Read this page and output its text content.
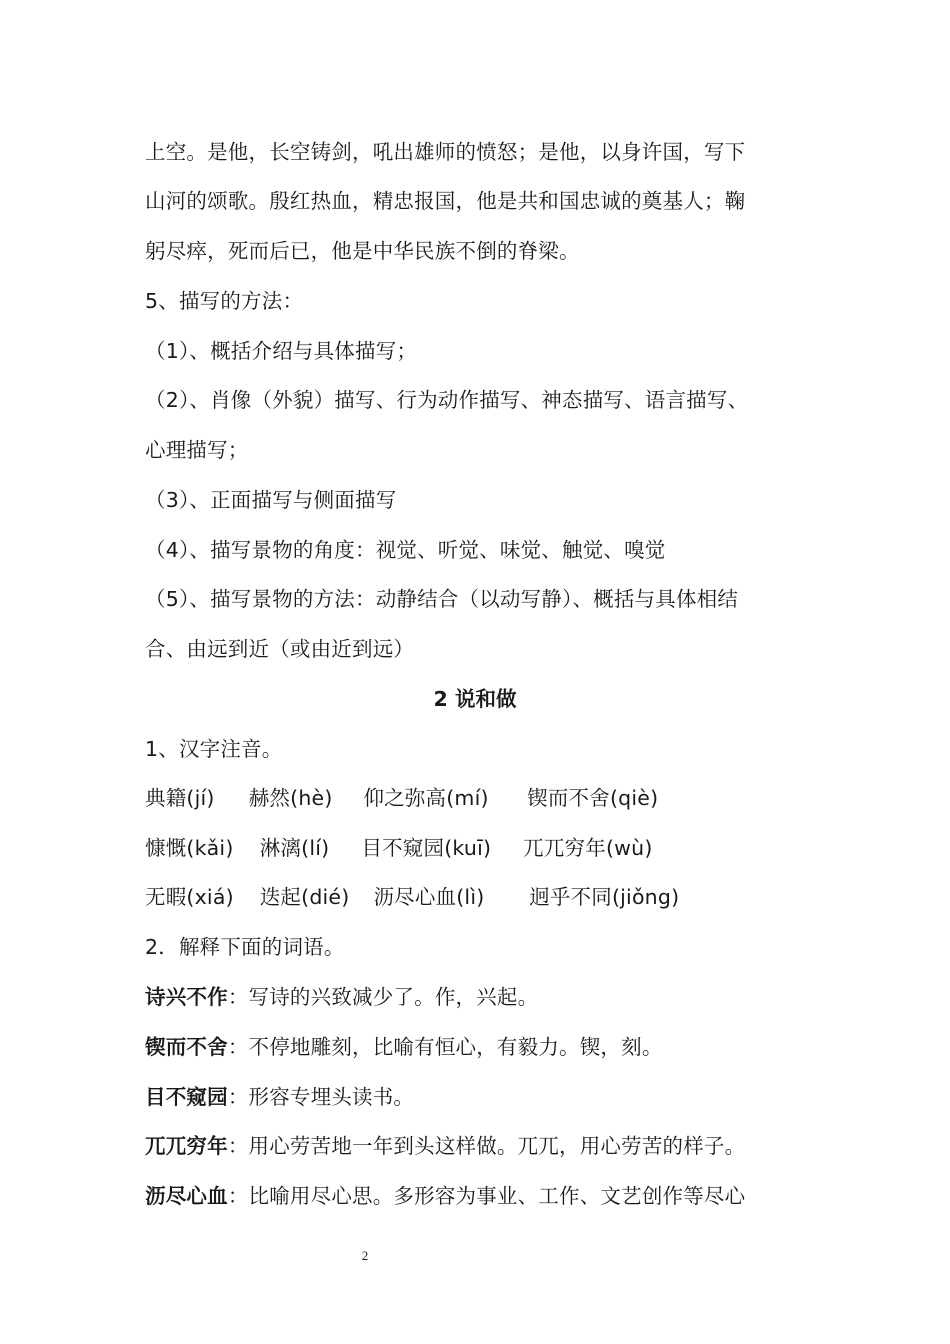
上空。是他，长空铸剑，吼出雄师的愤怒；是他，以身许国，写下
山河的颂歌。殷红热血，精忠报国，他是共和国忠诚的奠基人；鞠
躬尽瘁，死而后已，他是中华民族不倒的脊梁。
5、描写的方法：
（1）、概括介绍与具体描写；
（2）、肖像（外貌）描写、行为动作描写、神态描写、语言描写、
心理描写；
（3）、正面描写与侧面描写
（4）、描写景物的角度：视觉、听觉、味觉、触觉、嗅觉
（5）、描写景物的方法：动静结合（以动写静）、概括与具体相结
合、由远到近（或由近到远）
2 说和做
1、汉字注音。
典籍(jí) 赫然(hè) 仰之弥高(mí) 锲而不舍(qiè)
慷慨(kǎi) 淋漓(lí) 目不窥园(kuī) 兀兀穷年(wù)
无暇(xiá) 迭起(dié) 沥尽心血(lì) 迥乎不同(jiǒng)
2．解释下面的词语。
诗兴不作：写诗的兴致减少了。作，兴起。
锲而不舍：不停地雕刻，比喻有恒心，有毅力。锲，刻。
目不窥园：形容专埋头读书。
兀兀穷年：用心劳苦地一年到头这样做。兀兀，用心劳苦的样子。
沥尽心血：比喻用尽心思。多形容为事业、工作、文艺创作等尽心
2
